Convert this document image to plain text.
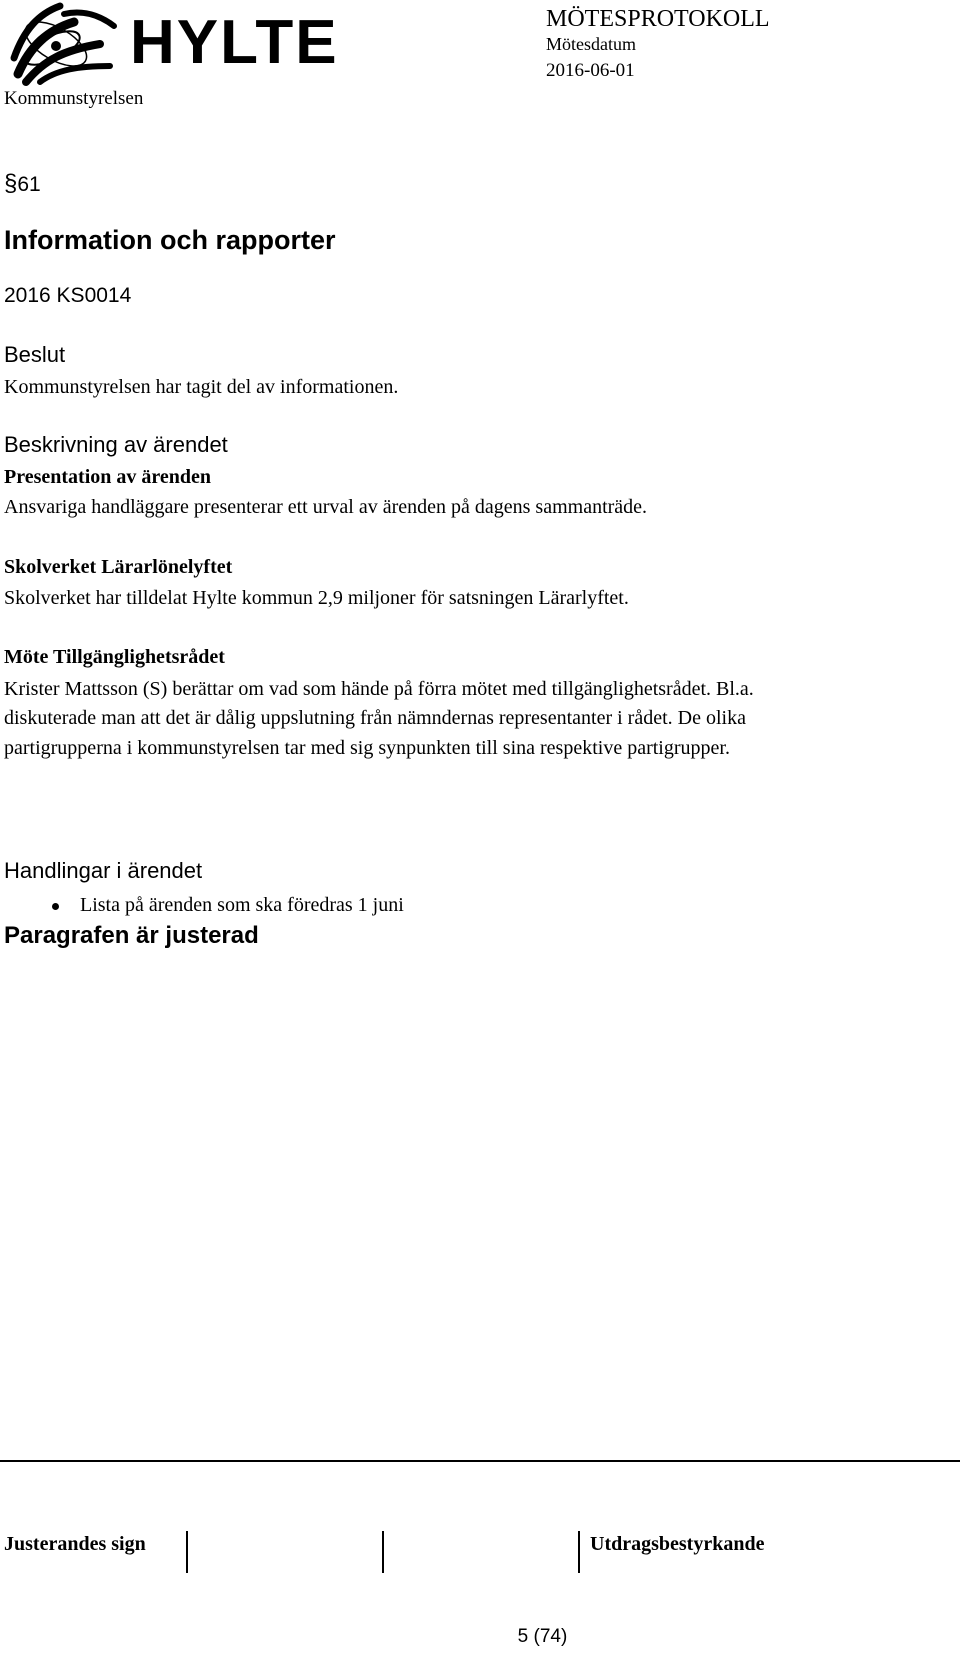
HYLTE
Kommunstyrelsen
MÖTESPROTOKOLL
Mötesdatum
2016-06-01
§61
Information och rapporter
2016 KS0014
Beslut
Kommunstyrelsen har tagit del av informationen.
Beskrivning av ärendet
Presentation av ärenden
Ansvariga handläggare presenterar ett urval av ärenden på dagens sammanträde.
Skolverket Lärarlönelyftet
Skolverket har tilldelat Hylte kommun 2,9 miljoner för satsningen Lärarlyftet.
Möte Tillgänglighetsrådet
Krister Mattsson (S) berättar om vad som hände på förra mötet med tillgänglighetsrådet. Bl.a.
diskuterade man att det är dålig uppslutning från nämndernas representanter i rådet. De olika
partigrupperna i kommunstyrelsen tar med sig synpunkten till sina respektive partigrupper.
Handlingar i ärendet
Lista på ärenden som ska föredras 1 juni
Paragrafen är justerad
Justerandes sign	Utdragsbestyrkande
5 (74)
